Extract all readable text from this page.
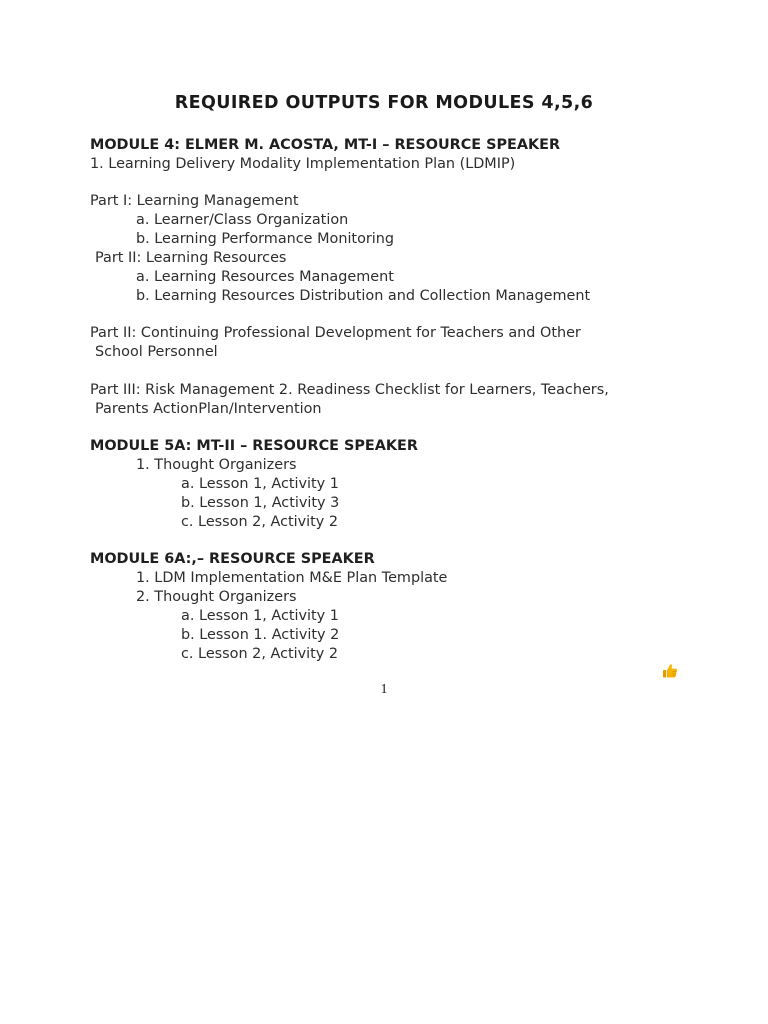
REQUIRED OUTPUTS FOR MODULES 4,5,6
MODULE 4: ELMER M. ACOSTA, MT-I – RESOURCE SPEAKER
1. Learning Delivery Modality Implementation Plan (LDMIP)
Part I: Learning Management
a. Learner/Class Organization
b. Learning Performance Monitoring
Part II: Learning Resources
a. Learning Resources Management
b. Learning Resources Distribution and Collection Management
Part II: Continuing Professional Development for Teachers and Other
School Personnel
Part III: Risk Management 2. Readiness Checklist for Learners, Teachers,
Parents ActionPlan/Intervention
MODULE 5A: MT-II – RESOURCE SPEAKER
1. Thought Organizers
a. Lesson 1, Activity 1
b. Lesson 1, Activity 3
c. Lesson 2, Activity 2
MODULE 6A:,– RESOURCE SPEAKER
1. LDM Implementation M&E Plan Template
2. Thought Organizers
a. Lesson 1, Activity 1
b. Lesson 1. Activity 2
c. Lesson 2, Activity 2
1
